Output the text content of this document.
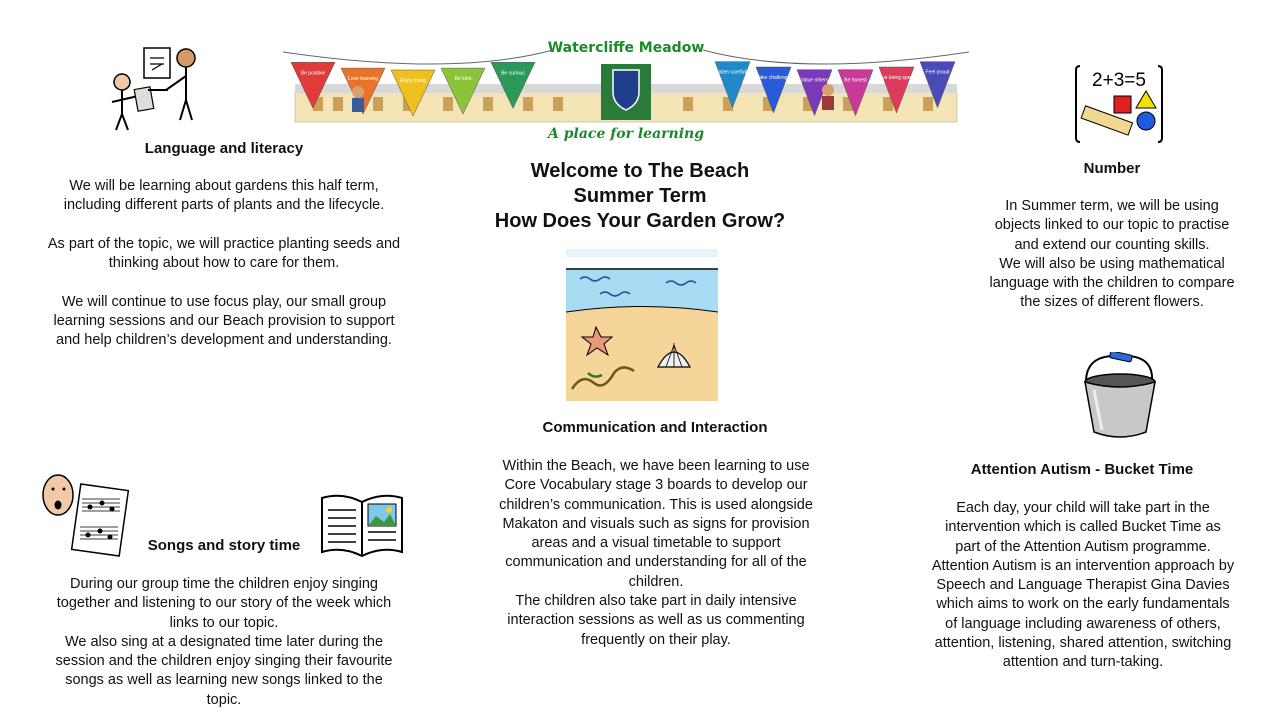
Be positive
Love learning	Enjoy trying	Be kind
Be curious	Listen carefully
Take challenge Value others	Be honest Value being special
Feel proud
Watercliffe Meadow
A place for learning
Welcome to The Beach
Summer Term
How Does Your Garden Grow?
Language and literacy
We will be learning about gardens this half term,
including different parts of plants and the lifecycle.

As part of the topic, we will practice planting seeds and
thinking about how to care for them.

We will continue to use focus play, our small group
learning sessions and our Beach provision to support
and help children’s development and understanding.
2+3=5
Number
In Summer term, we will be using
objects linked to our topic to practise
and extend our counting skills.
We will also be using mathematical
language with the children to compare
the sizes of different flowers.
Communication and Interaction
Within the Beach, we have been learning to use
Core Vocabulary stage 3 boards to develop our
children’s communication. This is used alongside
Makaton and visuals such as signs for provision
areas and a visual timetable to support
communication and understanding for all of the
children.
The children also take part in daily intensive
interaction sessions as well as us commenting
frequently on their play.
Attention Autism - Bucket Time
Each day, your child will take part in the
intervention which is called Bucket Time as
part of the Attention Autism programme.
Attention Autism is an intervention approach by
Speech and Language Therapist Gina Davies
which aims to work on the early fundamentals
of language including awareness of others,
attention, listening, shared attention, switching
attention and turn-taking.
Songs and story time
During our group time the children enjoy singing
together and listening to our story of the week which
links to our topic.
We also sing at a designated time later during the
session and the children enjoy singing their favourite
songs as well as learning new songs linked to the
topic.
